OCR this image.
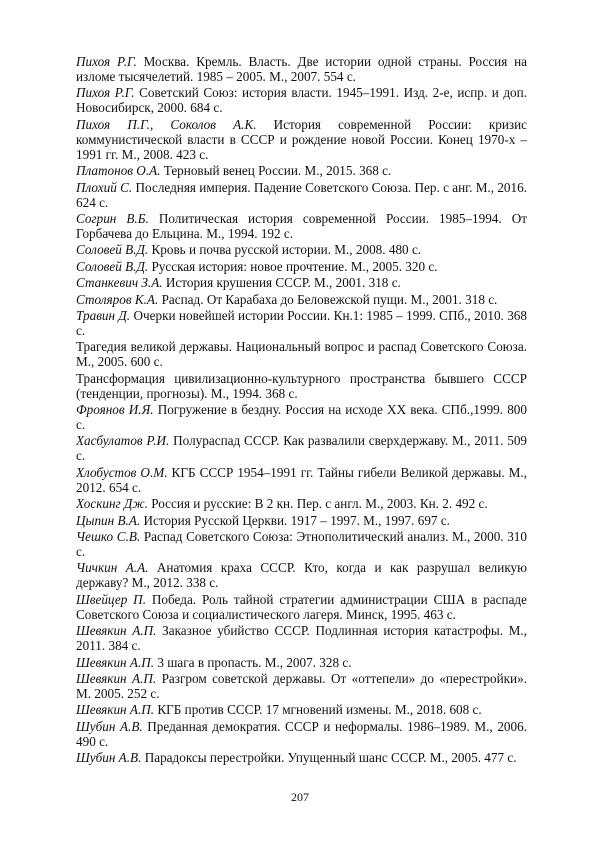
Пихоя Р.Г. Москва. Кремль. Власть. Две истории одной страны. Россия на изломе тысячелетий. 1985 – 2005. М., 2007. 554 с.

Пихоя Р.Г. Советский Союз: история власти. 1945–1991. Изд. 2-е, испр. и доп. Новосибирск, 2000. 684 с.

Пихоя П.Г., Соколов А.К. История современной России: кризис коммунистической власти в СССР и рождение новой России. Конец 1970-х – 1991 гг. М., 2008. 423 с.

Платонов О.А. Терновый венец России. М., 2015. 368 с.

Плохий С. Последняя империя. Падение Советского Союза. Пер. с анг. М., 2016. 624 с.

Согрин В.Б. Политическая история современной России. 1985–1994. От Горбачева до Ельцина. М., 1994. 192 с.

Соловей В.Д. Кровь и почва русской истории. М., 2008. 480 с.

Соловей В.Д. Русская история: новое прочтение. М., 2005. 320 с.

Станкевич З.А. История крушения СССР. М., 2001. 318 с.

Столяров К.А. Распад. От Карабаха до Беловежской пущи. М., 2001. 318 с.

Травин Д. Очерки новейшей истории России. Кн.1: 1985 – 1999. СПб., 2010. 368 с.

Трагедия великой державы. Национальный вопрос и распад Советского Союза. М., 2005. 600 с.

Трансформация цивилизационно-культурного пространства бывшего СССР (тенденции, прогнозы). М., 1994. 368 с.

Фроянов И.Я. Погружение в бездну. Россия на исходе XX века. СПб.,1999. 800 с.

Хасбулатов Р.И. Полураспад СССР. Как развалили сверхдержаву. М., 2011. 509 с.

Хлобустов О.М. КГБ СССР 1954–1991 гг. Тайны гибели Великой державы. М., 2012. 654 с.

Хоскинг Дж. Россия и русские: В 2 кн. Пер. с англ. М., 2003. Кн. 2. 492 с.

Цыпин В.А. История Русской Церкви. 1917 – 1997. М., 1997. 697 с.

Чешко С.В. Распад Советского Союза: Этнополитический анализ. М., 2000. 310 с.

Чичкин А.А. Анатомия краха СССР. Кто, когда и как разрушал великую державу? М., 2012. 338 с.

Швейцер П. Победа. Роль тайной стратегии администрации США в распаде Советского Союза и социалистического лагеря. Минск, 1995. 463 с.

Шевякин А.П. Заказное убийство СССР. Подлинная история катастрофы. М., 2011. 384 с.

Шевякин А.П. 3 шага в пропасть. М., 2007. 328 с.

Шевякин А.П. Разгром советской державы. От «оттепели» до «перестройки». М. 2005. 252 с.

Шевякин А.П. КГБ против СССР. 17 мгновений измены. М., 2018. 608 с.

Шубин А.В. Преданная демократия. СССР и неформалы. 1986–1989. М., 2006. 490 с.

Шубин А.В. Парадоксы перестройки. Упущенный шанс СССР. М., 2005. 477 с.

207
